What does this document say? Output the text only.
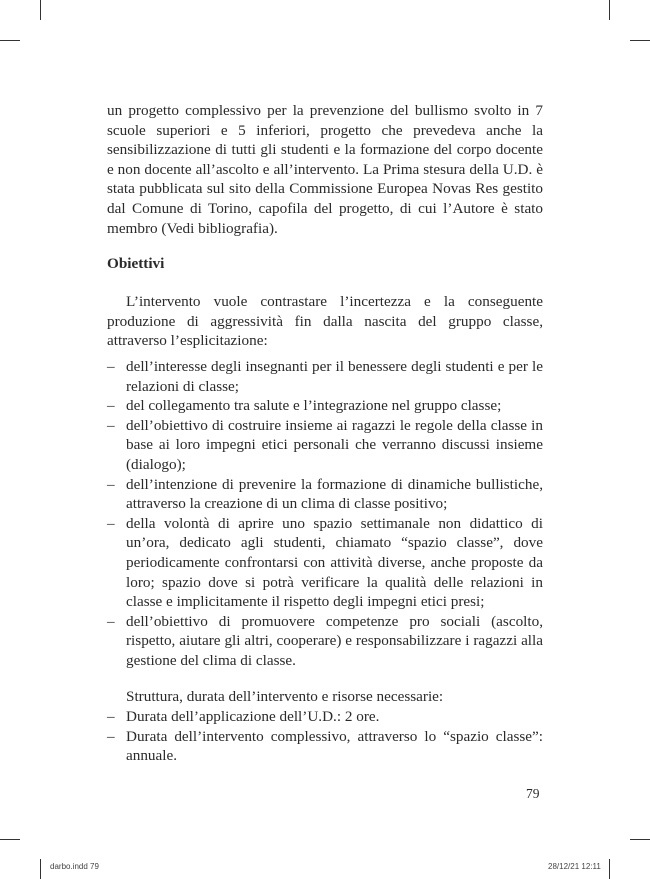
un progetto complessivo per la prevenzione del bullismo svolto in 7 scuole superiori e 5 inferiori, progetto che prevedeva anche la sensibilizzazione di tutti gli studenti e la formazione del corpo docente e non docente all’ascolto e all’intervento. La Prima stesura della U.D. è stata pubblicata sul sito della Commissione Europea Novas Res gestito dal Comune di Torino, capofila del progetto, di cui l’Autore è stato membro (Vedi bibliografia).
Obiettivi
L’intervento vuole contrastare l’incertezza e la conseguente produzione di aggressività fin dalla nascita del gruppo classe, attraverso l’esplicitazione:
– dell’interesse degli insegnanti per il benessere degli studenti e per le relazioni di classe;
– del collegamento tra salute e l’integrazione nel gruppo classe;
– dell’obiettivo di costruire insieme ai ragazzi le regole della classe in base ai loro impegni etici personali che verranno discussi insieme (dialogo);
– dell’intenzione di prevenire la formazione di dinamiche bullistiche, attraverso la creazione di un clima di classe positivo;
– della volontà di aprire uno spazio settimanale non didattico di un’ora, dedicato agli studenti, chiamato “spazio classe”, dove periodicamente confrontarsi con attività diverse, anche proposte da loro; spazio dove si potrà verificare la qualità delle relazioni in classe e implicitamente il rispetto degli impegni etici presi;
– dell’obiettivo di promuovere competenze pro sociali (ascolto, rispetto, aiutare gli altri, cooperare) e responsabilizzare i ragazzi alla gestione del clima di classe.
Struttura, durata dell’intervento e risorse necessarie:
– Durata dell’applicazione dell’U.D.: 2 ore.
– Durata dell’intervento complessivo, attraverso lo “spazio classe”: annuale.
79
darbo.indd 79	28/12/21 12:11
